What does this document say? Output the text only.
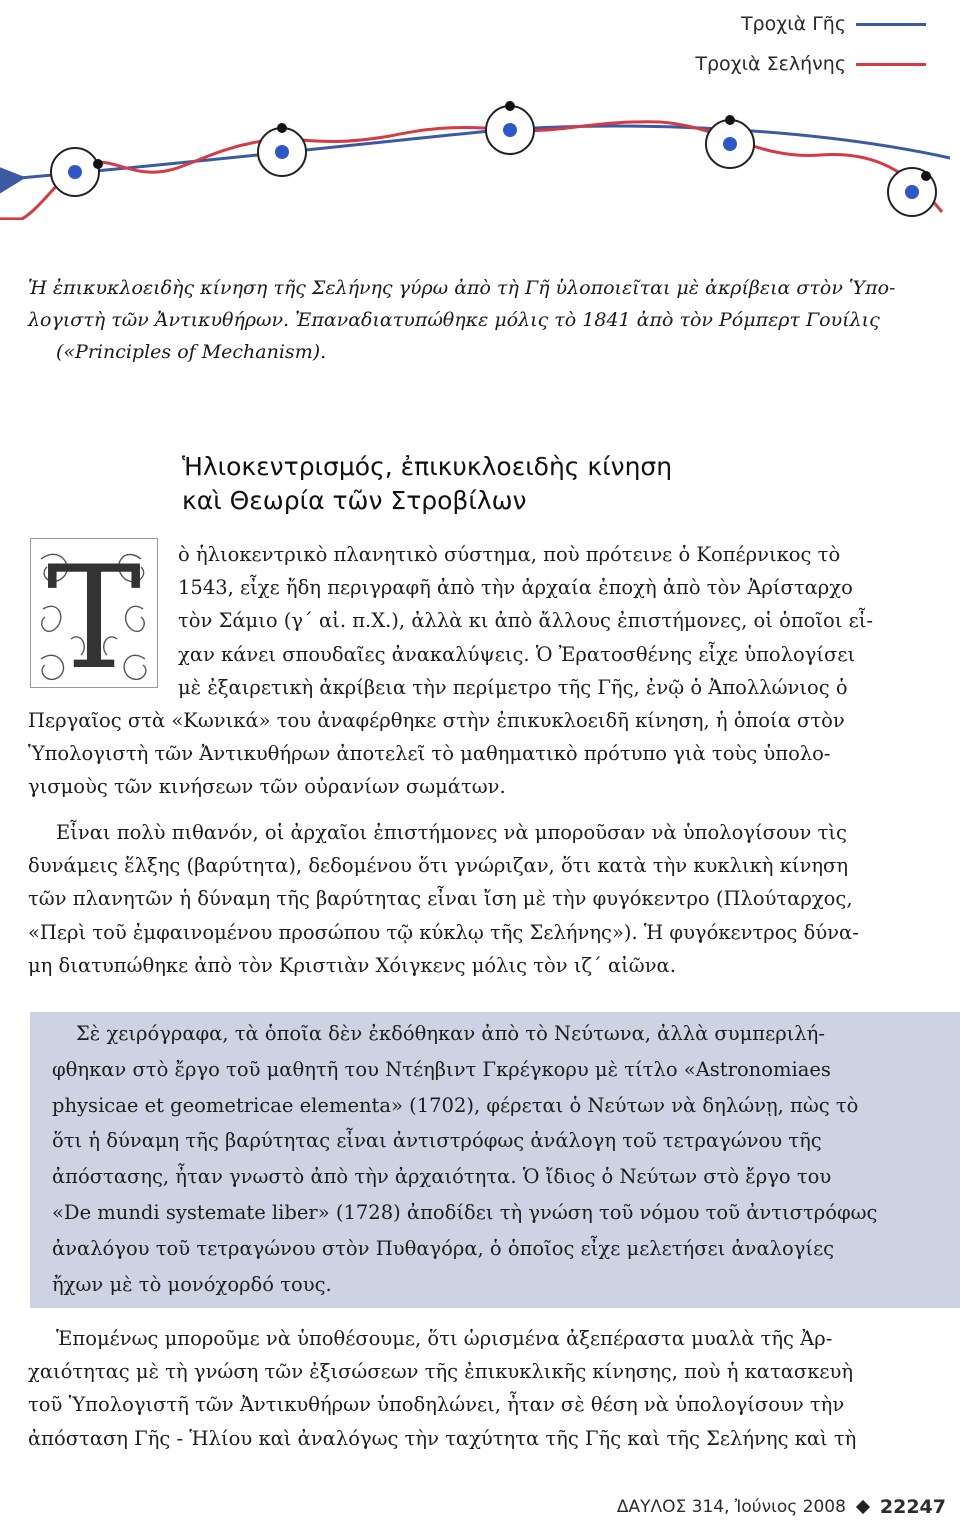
Τροχιὰ Γῆς
Τροχιὰ Σελήνης
Ἡ ἐπικυκλοειδὴς κίνηση τῆς Σελήνης γύρω ἀπὸ τὴ Γῆ ὑλοποιεῖται μὲ ἀκρίβεια στὸν Ὑπο-
λογιστὴ τῶν Ἀντικυθήρων. Ἐπαναδιατυπώθηκε μόλις τὸ 1841 ἀπὸ τὸν Ρόμπερτ Γουίλις
(«Principles of Mechanism).
Ἡλιοκεντρισμός, ἐπικυκλοειδὴς κίνηση
καὶ Θεωρία τῶν Στροβίλων
T	ὸ ἡλιοκεντρικὸ πλανητικὸ σύστημα, ποὺ πρότεινε ὁ Κοπέρνικος τὸ
1543, εἶχε ἤδη περιγραφῆ ἀπὸ τὴν ἀρχαία ἐποχὴ ἀπὸ τὸν Ἀρίσταρχο
τὸν Σάμιο (γ´ αἰ. π.Χ.), ἀλλὰ κι ἀπὸ ἄλλους ἐπιστήμονες, οἱ ὁποῖοι εἶ-
χαν κάνει σπουδαῖες ἀνακαλύψεις. Ὁ Ἐρατοσθένης εἶχε ὑπολογίσει
μὲ ἐξαιρετικὴ ἀκρίβεια τὴν περίμετρο τῆς Γῆς, ἐνῷ ὁ Ἀπολλώνιος ὁ
Περγαῖος στὰ «Κωνικά» του ἀναφέρθηκε στὴν ἐπικυκλοειδῆ κίνηση, ἡ ὁποία στὸν
Ὑπολογιστὴ τῶν Ἀντικυθήρων ἀποτελεῖ τὸ μαθηματικὸ πρότυπο γιὰ τοὺς ὑπολο-
γισμοὺς τῶν κινήσεων τῶν οὐρανίων σωμάτων.
Εἶναι πολὺ πιθανόν, οἱ ἀρχαῖοι ἐπιστήμονες νὰ μποροῦσαν νὰ ὑπολογίσουν τὶς
δυνάμεις ἕλξης (βαρύτητα), δεδομένου ὅτι γνώριζαν, ὅτι κατὰ τὴν κυκλικὴ κίνηση
τῶν πλανητῶν ἡ δύναμη τῆς βαρύτητας εἶναι ἴση μὲ τὴν φυγόκεντρο (Πλούταρχος,
«Περὶ τοῦ ἐμφαινομένου προσώπου τῷ κύκλῳ τῆς Σελήνης»). Ἡ φυγόκεντρος δύνα-
μη διατυπώθηκε ἀπὸ τὸν Κριστιὰν Χόιγκενς μόλις τὸν ιζ´ αἰῶνα.
Σὲ χειρόγραφα, τὰ ὁποῖα δὲν ἐκδόθηκαν ἀπὸ τὸ Νεύτωνα, ἀλλὰ συμπεριλή-
φθηκαν στὸ ἔργο τοῦ μαθητῆ του Ντέηβιντ Γκρέγκορυ μὲ τίτλο «Astronomiaes
physicae et geometricae elementa» (1702), φέρεται ὁ Νεύτων νὰ δηλώνῃ, πὼς τὸ
ὅτι ἡ δύναμη τῆς βαρύτητας εἶναι ἀντιστρόφως ἀνάλογη τοῦ τετραγώνου τῆς
ἀπόστασης, ἦταν γνωστὸ ἀπὸ τὴν ἀρχαιότητα. Ὁ ἴδιος ὁ Νεύτων στὸ ἔργο του
«De mundi systemate liber» (1728) ἀποδίδει τὴ γνώση τοῦ νόμου τοῦ ἀντιστρόφως
ἀναλόγου τοῦ τετραγώνου στὸν Πυθαγόρα, ὁ ὁποῖος εἶχε μελετήσει ἀναλογίες
ἤχων μὲ τὸ μονόχορδό τους.
Ἑπομένως μποροῦμε νὰ ὑποθέσουμε, ὅτι ὡρισμένα ἀξεπέραστα μυαλὰ τῆς Ἀρ-
χαιότητας μὲ τὴ γνώση τῶν ἐξισώσεων τῆς ἐπικυκλικῆς κίνησης, ποὺ ἡ κατασκευὴ
τοῦ Ὑπολογιστῆ τῶν Ἀντικυθήρων ὑποδηλώνει, ἦταν σὲ θέση νὰ ὑπολογίσουν τὴν
ἀπόσταση Γῆς - Ἡλίου καὶ ἀναλόγως τὴν ταχύτητα τῆς Γῆς καὶ τῆς Σελήνης καὶ τὴ
ΔΑΥΛΟΣ 314, Ἰούνιος 2008 22247
